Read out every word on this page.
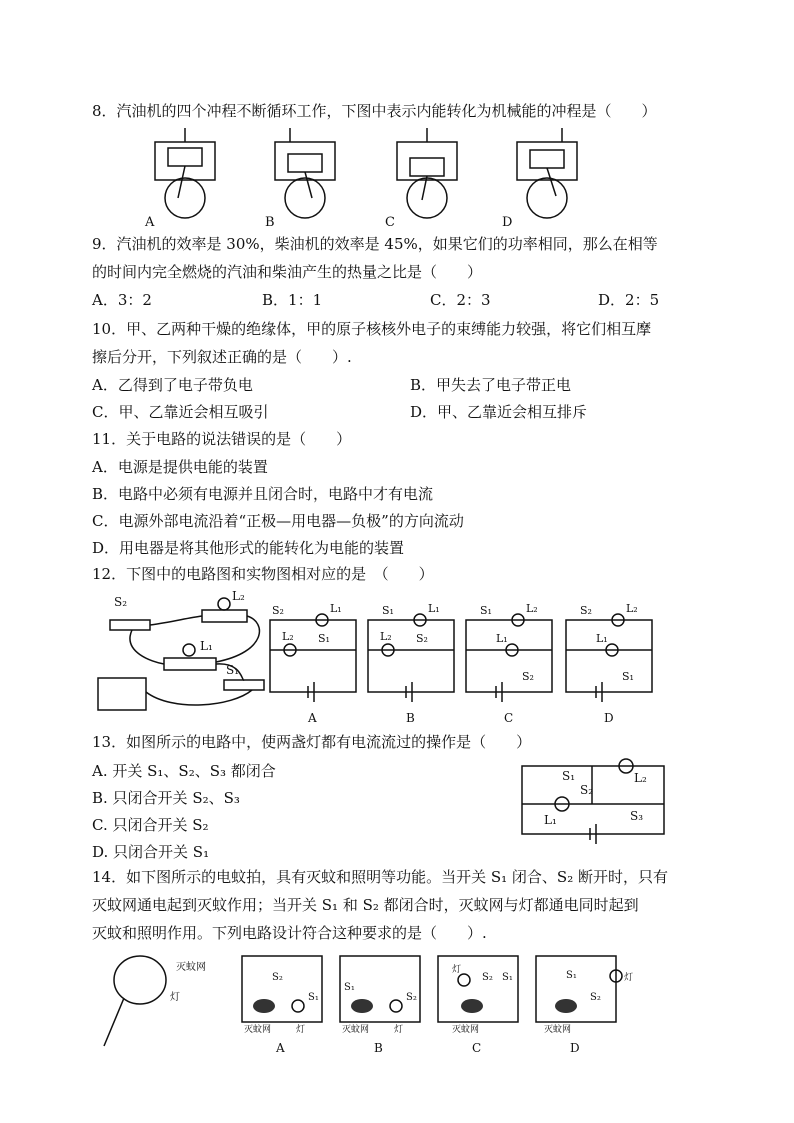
8．汽油机的四个冲程不断循环工作，下图中表示内能转化为机械能的冲程是（　　）
A	B	C	D
9．汽油机的效率是 30%，柴油机的效率是 45%，如果它们的功率相同，那么在相等
的时间内完全燃烧的汽油和柴油产生的热量之比是（　　）
A．3：2	B．1：1	C．2：3	D．2：5
10．甲、乙两种干燥的绝缘体，甲的原子核核外电子的束缚能力较强，将它们相互摩
擦后分开，下列叙述正确的是（　　）.
A．乙得到了电子带负电	B．甲失去了电子带正电
C．甲、乙靠近会相互吸引	D．甲、乙靠近会相互排斥
11．关于电路的说法错误的是（　　）
A．电源是提供电能的装置
B．电路中必须有电源并且闭合时，电路中才有电流
C．电源外部电流沿着“正极—用电器—负极”的方向流动
D．用电器是将其他形式的能转化为电能的装置
12．下图中的电路图和实物图相对应的是　（　　）
S₂	L₂
L₁
S₁
S₂	L₁
L₂ S₁
A
S₁	L₁
L₂ S₂
B
S₁	L₂
L₁
S₂
C
S₂	L₂
L₁
S₁
D
13．如图所示的电路中，使两盏灯都有电流流过的操作是（　　）
A. 开关 S₁、S₂、S₃ 都闭合
B. 只闭合开关 S₂、S₃
C. 只闭合开关 S₂
D. 只闭合开关 S₁
L₂
S₁
S₂
L₁	S₃
14．如下图所示的电蚊拍，具有灭蚊和照明等功能。当开关 S₁ 闭合、S₂ 断开时，只有
灭蚊网通电起到灭蚊作用；当开关 S₁ 和 S₂ 都闭合时，灭蚊网与灯都通电同时起到
灭蚊和照明作用。下列电路设计符合这种要求的是（　　）.
灭蚊网
灯
S₂
S₁
灭蚊网	灯
A
S₁
S₂
灭蚊网	灯
B
灯
S₂ S₁
灭蚊网
C
灯
S₁
S₂
灭蚊网
D
